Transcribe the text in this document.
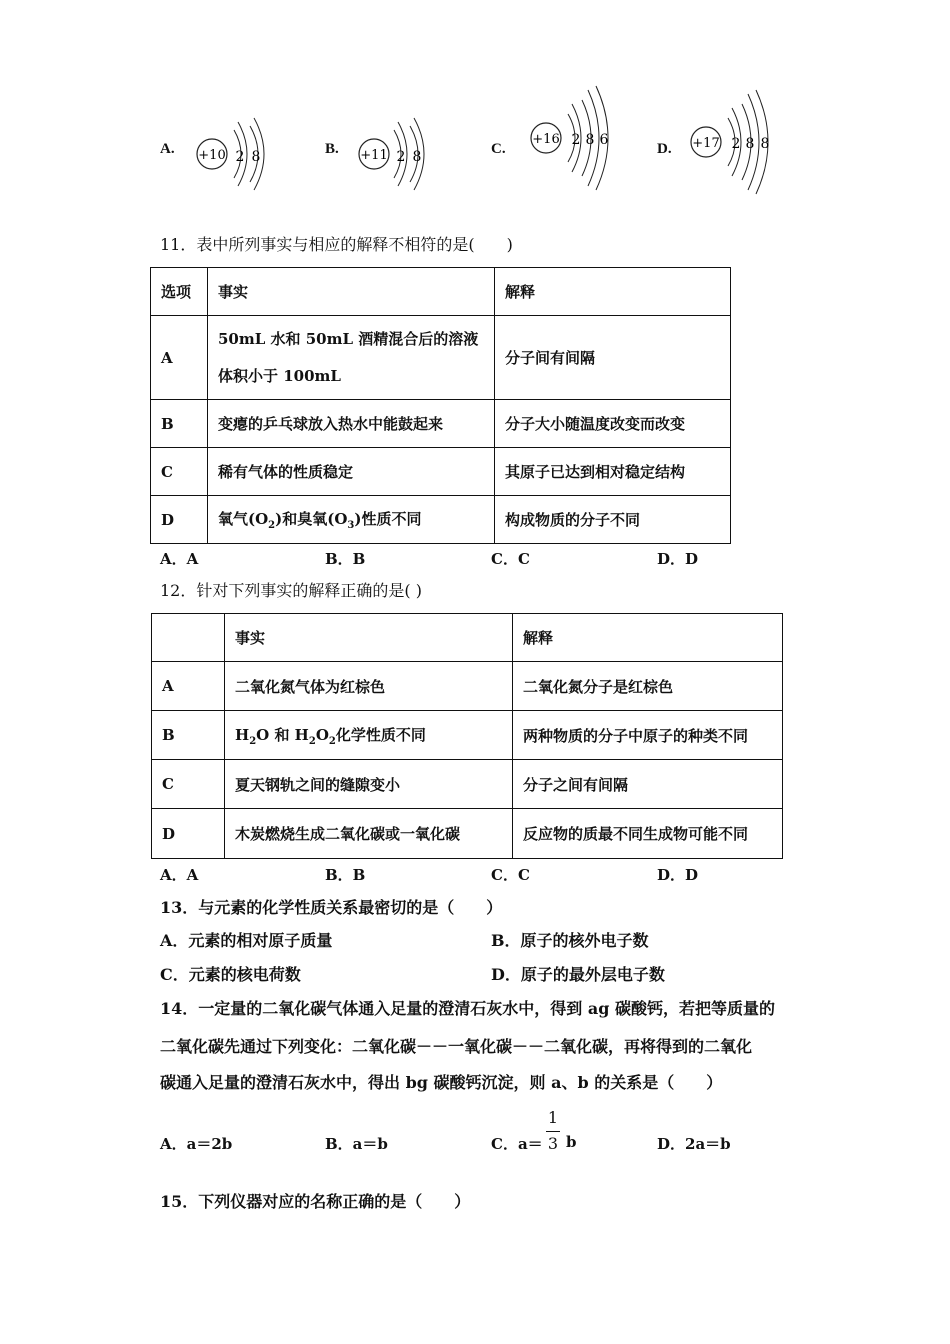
A. +10 2 8	B. +11 2 8	C.
+16 2 8 6
D. +17 2 8 8
11．表中所列事实与相应的解释不相符的是(　　)
选项	事实	解释
A	50mL 水和 50mL 酒精混合后的溶液
体积小于 100mL	分子间有间隔
B	变瘪的乒乓球放入热水中能鼓起来	分子大小随温度改变而改变
C	稀有气体的性质稳定	其原子已达到相对稳定结构
D	氧气$(O_2)$和臭氧$(O_3)$性质不同	构成物质的分子不同
A．A	B．B	C．C	D．D
12．针对下列事实的解释正确的是( )
	事实	解释
A	二氧化氮气体为红棕色	二氧化氮分子是红棕色
B	$H_2O$ 和 $H_2O_2$化学性质不同	两种物质的分子中原子的种类不同
C	夏天钢轨之间的缝隙变小	分子之间有间隔
D	木炭燃烧生成二氧化碳或一氧化碳	反应物的质最不同生成物可能不同
A．A	B．B	C．C	D．D
13．与元素的化学性质关系最密切的是（　　）
A．元素的相对原子质量	B．原子的核外电子数
C．元素的核电荷数	D．原子的最外层电子数
14．一定量的二氧化碳气体通入足量的澄清石灰水中，得到 ag 碳酸钙，若把等质量的
二氧化碳先通过下列变化：二氧化碳－－一氧化碳－－二氧化碳，再将得到的二氧化
碳通入足量的澄清石灰水中，得出 bg 碳酸钙沉淀，则 a、b 的关系是（　　）
A．a＝2b	B．a＝b	C．a＝
1
3 b	D．2a＝b
15．下列仪器对应的名称正确的是（　　）
